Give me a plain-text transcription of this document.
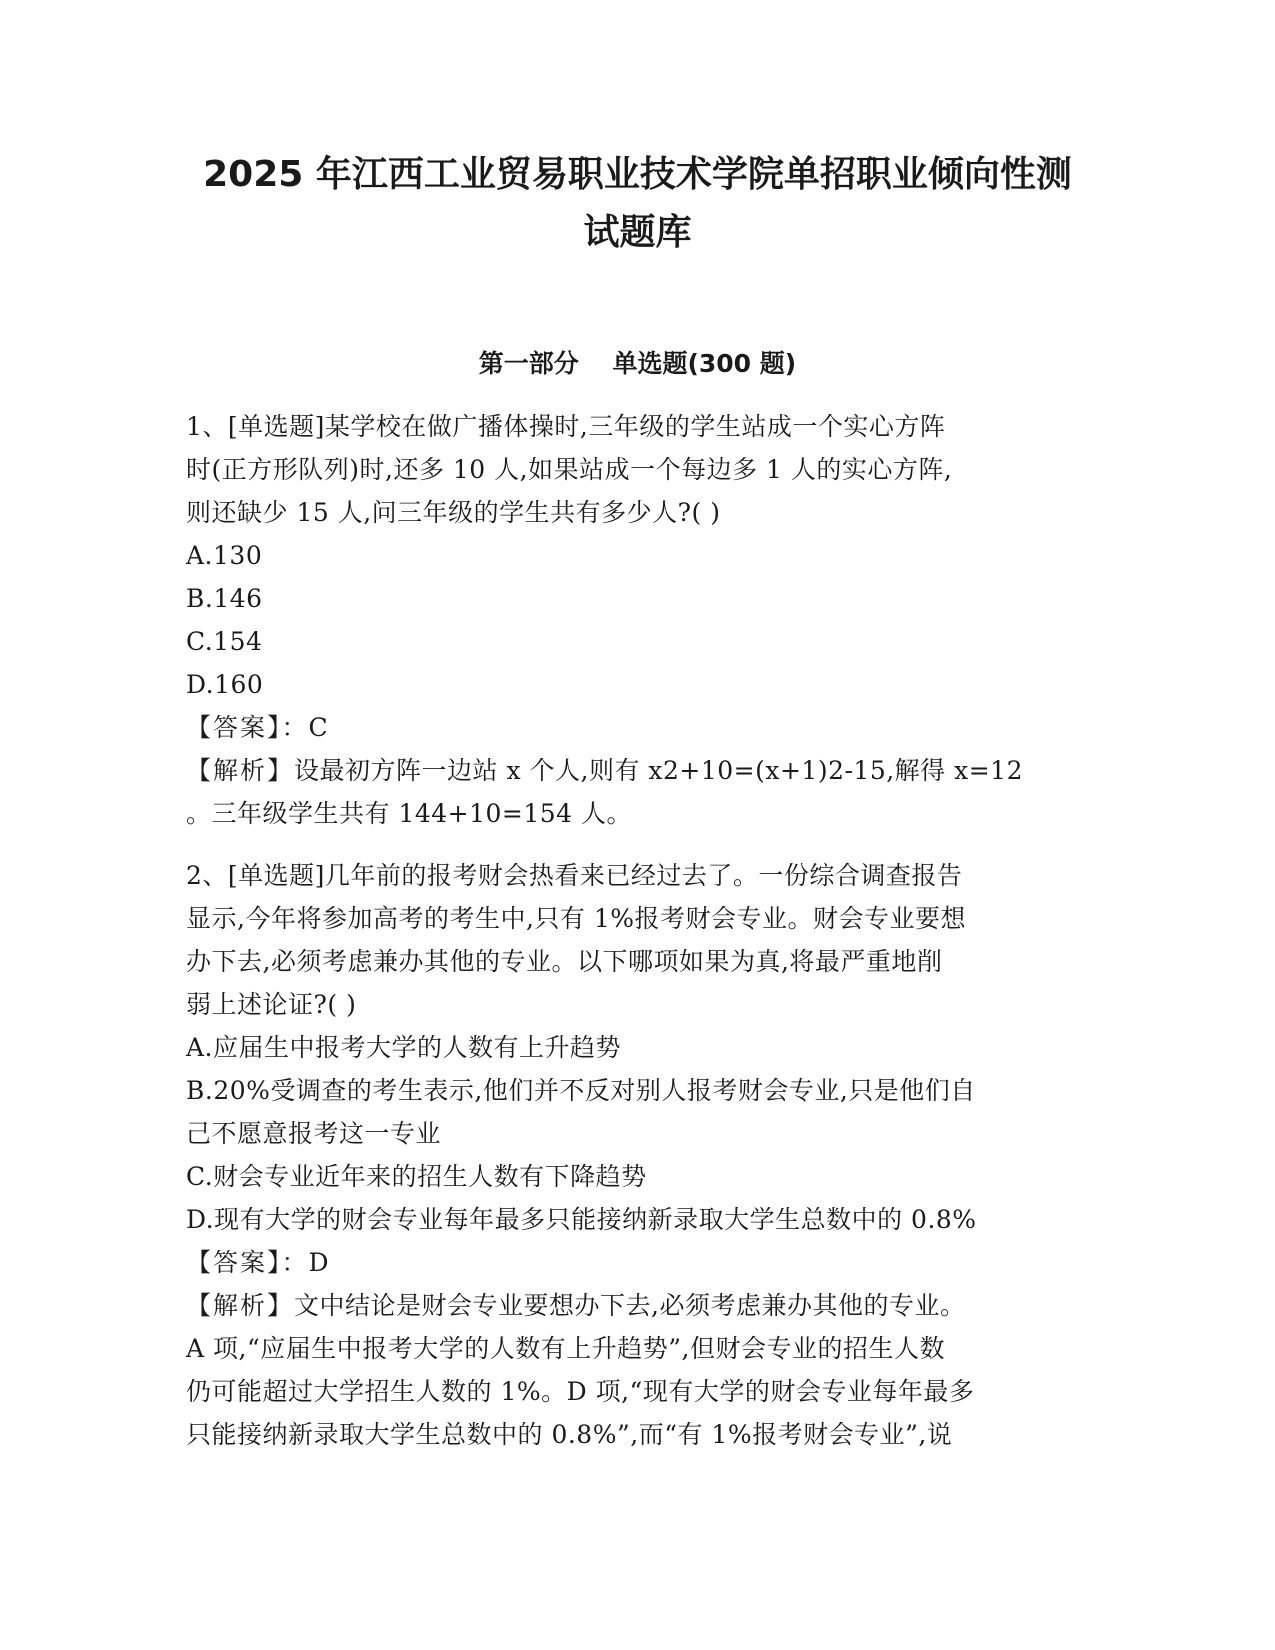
2025 年江西工业贸易职业技术学院单招职业倾向性测
试题库
第一部分　 单选题(300 题)
1、[单选题]某学校在做广播体操时,三年级的学生站成一个实心方阵
时(正方形队列)时,还多 10 人,如果站成一个每边多 1 人的实心方阵,
则还缺少 15 人,问三年级的学生共有多少人?( )
A.130
B.146
C.154
D.160
【答案】：C
【解析】设最初方阵一边站 x 个人,则有 x2+10=(x+1)2-15,解得 x=12
。三年级学生共有 144+10=154 人。
2、[单选题]几年前的报考财会热看来已经过去了。一份综合调查报告
显示,今年将参加高考的考生中,只有 1%报考财会专业。财会专业要想
办下去,必须考虑兼办其他的专业。以下哪项如果为真,将最严重地削
弱上述论证?( )
A.应届生中报考大学的人数有上升趋势
B.20%受调查的考生表示,他们并不反对别人报考财会专业,只是他们自
己不愿意报考这一专业
C.财会专业近年来的招生人数有下降趋势
D.现有大学的财会专业每年最多只能接纳新录取大学生总数中的 0.8%
【答案】：D
【解析】文中结论是财会专业要想办下去,必须考虑兼办其他的专业。
A 项,“应届生中报考大学的人数有上升趋势”,但财会专业的招生人数
仍可能超过大学招生人数的 1%。D 项,“现有大学的财会专业每年最多
只能接纳新录取大学生总数中的 0.8%”,而“有 1%报考财会专业”,说
